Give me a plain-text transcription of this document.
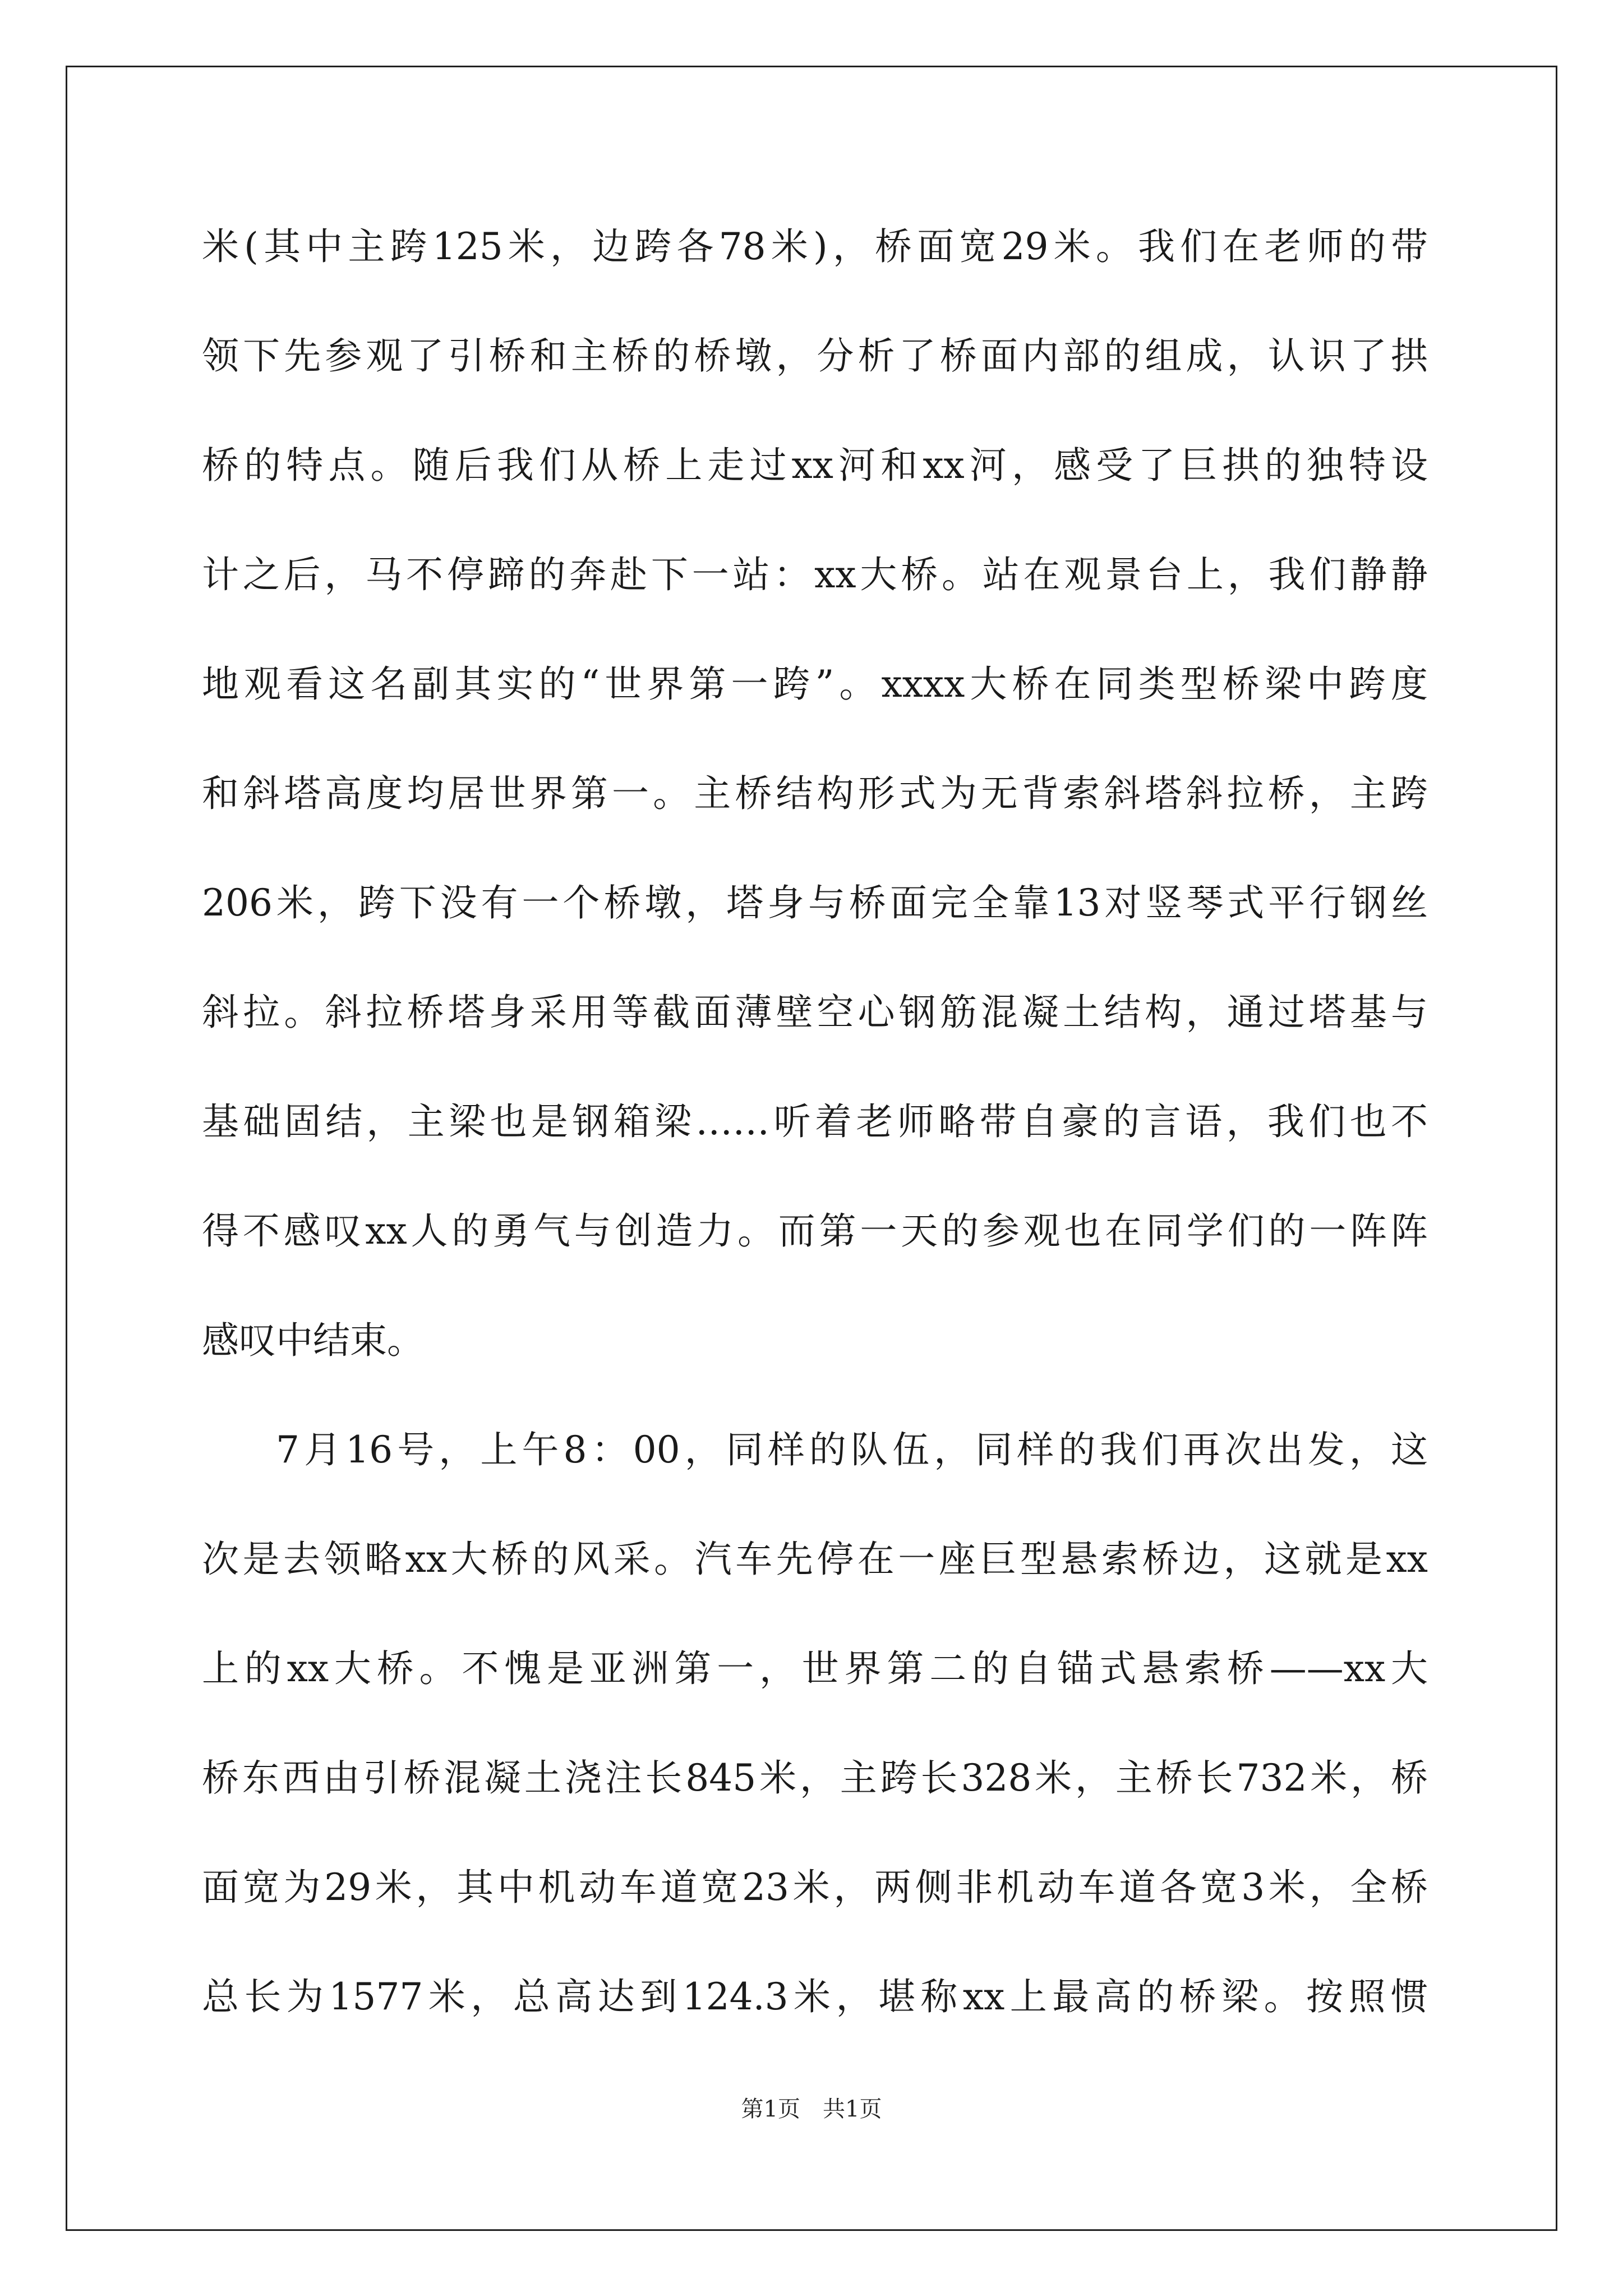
米(其中主跨125米，边跨各78米)，桥面宽29米。我们在老师的带
领下先参观了引桥和主桥的桥墩，分析了桥面内部的组成，认识了拱
桥的特点。随后我们从桥上走过xx河和xx河，感受了巨拱的独特设
计之后，马不停蹄的奔赴下一站：xx大桥。站在观景台上，我们静静
地观看这名副其实的“世界第一跨”。xxxx大桥在同类型桥梁中跨度
和斜塔高度均居世界第一。主桥结构形式为无背索斜塔斜拉桥，主跨
206米，跨下没有一个桥墩，塔身与桥面完全靠13对竖琴式平行钢丝
斜拉。斜拉桥塔身采用等截面薄壁空心钢筋混凝土结构，通过塔基与
基础固结，主梁也是钢箱梁……听着老师略带自豪的言语，我们也不
得不感叹xx人的勇气与创造力。而第一天的参观也在同学们的一阵阵
感叹中结束。
7月16号，上午8：00，同样的队伍，同样的我们再次出发，这
次是去领略xx大桥的风采。汽车先停在一座巨型悬索桥边，这就是xx
上的xx大桥。不愧是亚洲第一，世界第二的自锚式悬索桥——xx大
桥东西由引桥混凝土浇注长845米，主跨长328米，主桥长732米，桥
面宽为29米，其中机动车道宽23米，两侧非机动车道各宽3米，全桥
总长为1577米，总高达到124.3米，堪称xx上最高的桥梁。按照惯
第1页　共1页
